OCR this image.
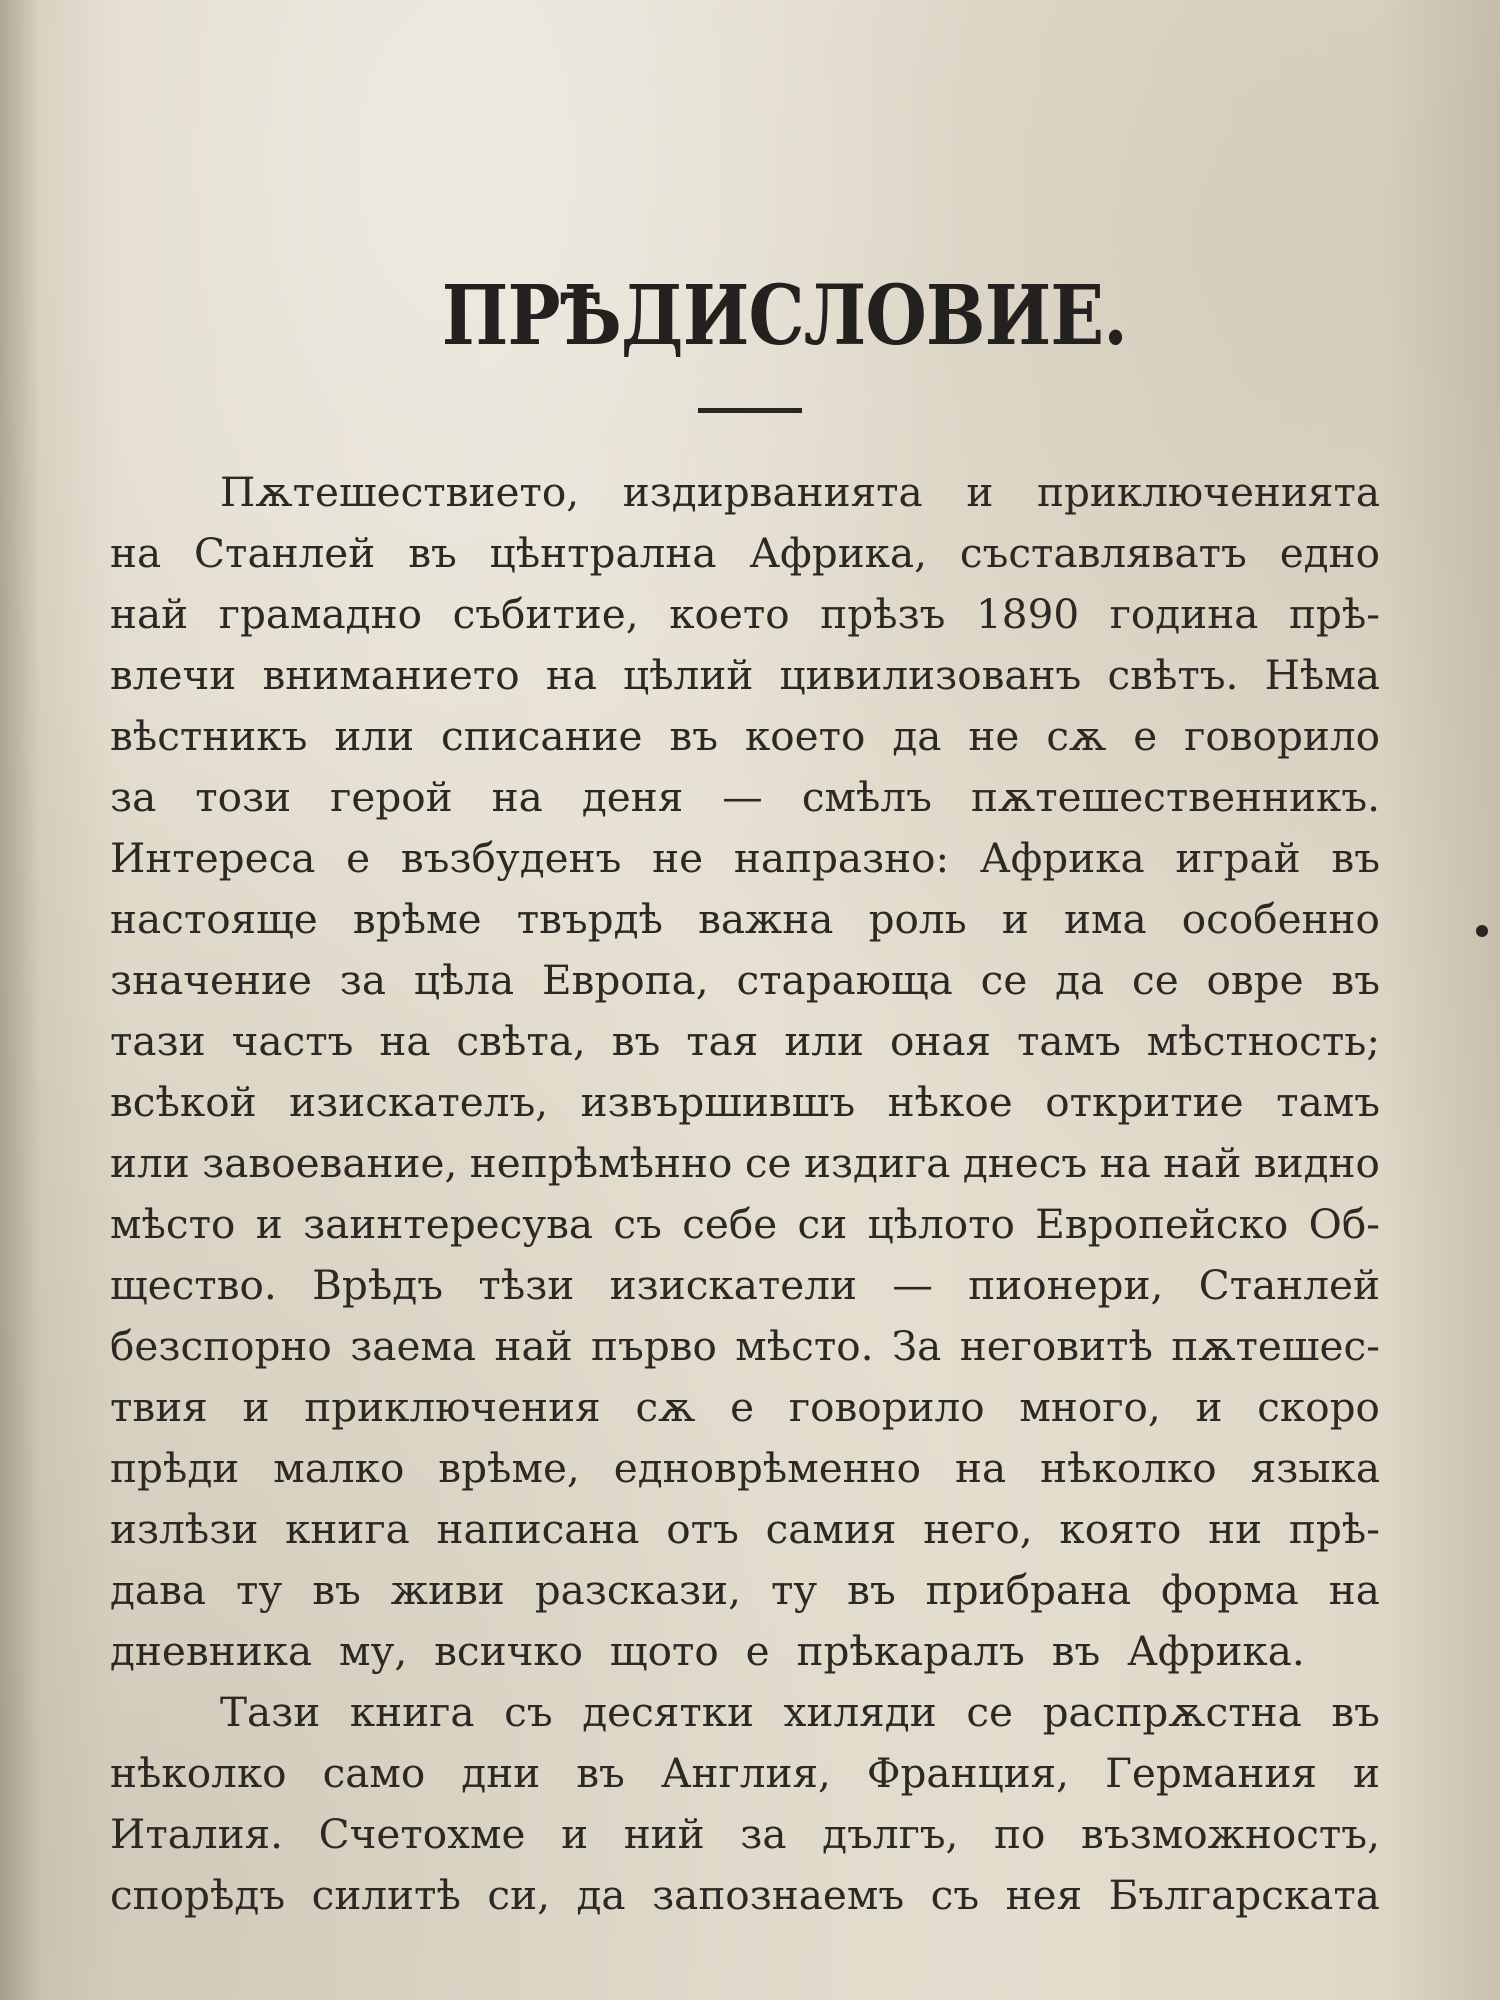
ПРѢДИСЛОВИЕ.
Пѫтешествието, издирванията и приключенията
на Станлей въ цѣнтрална Африка, съставляватъ едно
най грамадно събитие, което прѣзъ 1890 година прѣ-
влечи вниманието на цѣлий цивилизованъ свѣтъ. Нѣма
вѣстникъ или списание въ което да не сѫ е говорило
за този герой на деня — смѣлъ пѫтешественникъ.
Интереса е възбуденъ не напразно: Африка играй въ
настояще врѣме твърдѣ важна роль и има особенно
значение за цѣла Европа, старающа се да се овре въ
тази частъ на свѣта, въ тая или оная тамъ мѣстность;
всѣкой изискателъ, извършившъ нѣкое откритие тамъ
или завоевание, непрѣмѣнно се издига днесъ на най видно
мѣсто и заинтересува съ себе си цѣлото Европейско Об-
щество. Врѣдъ тѣзи изискатели — пионери, Станлей
безспорно заема най първо мѣсто. За неговитѣ пѫтешес-
твия и приключения сѫ е говорило много, и скоро
прѣди малко врѣме, едноврѣменно на нѣколко языка
излѣзи книга написана отъ самия него, която ни прѣ-
дава ту въ живи разскази, ту въ прибрана форма на
дневника му, всичко щото е прѣкаралъ въ Африка.
Тази книга съ десятки хиляди се распрѫстна въ
нѣколко само дни въ Англия, Франция, Германия и
Италия. Счетохме и ний за дългъ, по възможностъ,
спорѣдъ силитѣ си, да запознаемъ съ нея Българската
